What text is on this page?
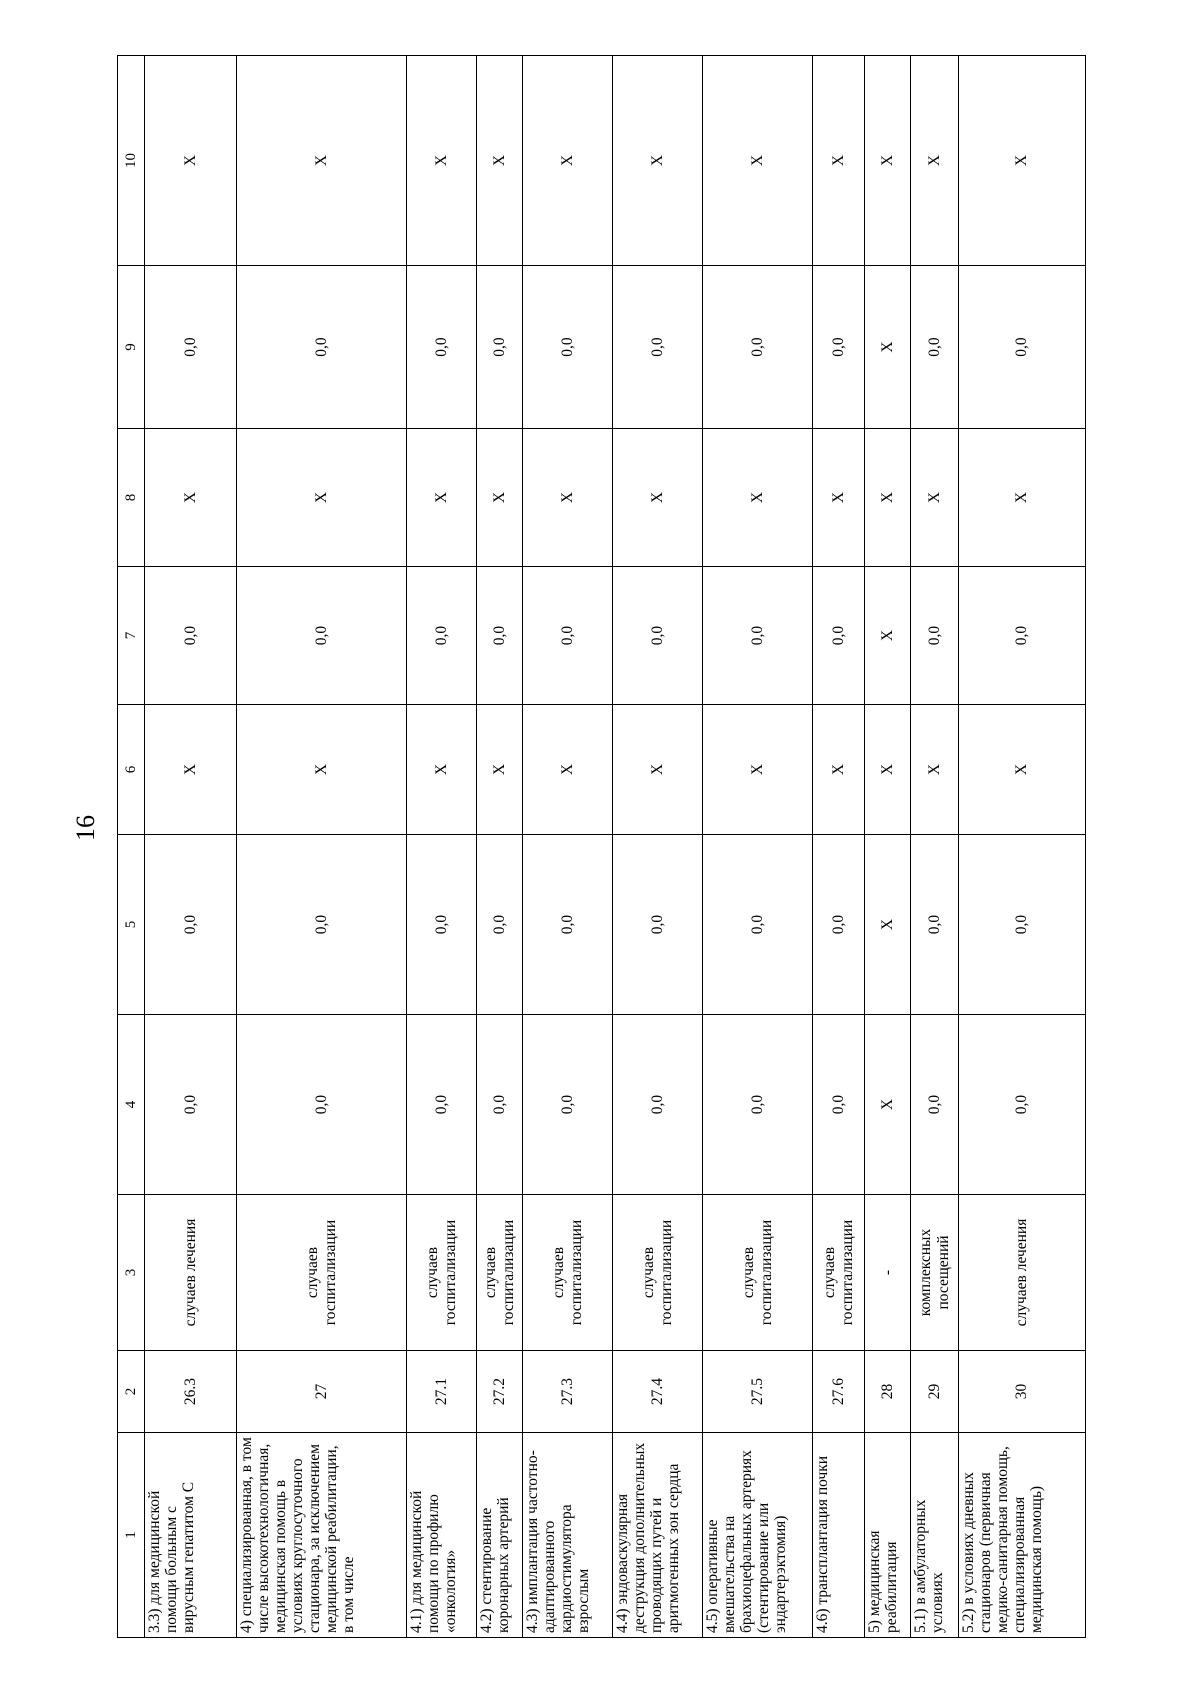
16
1	2	3	4	5	6	7	8	9	10
3.3) для медицинской помощи больным с вирусным гепатитом C	26.3	случаев лечения	0,0	0,0	X	0,0	X	0,0	X
4) специализированная, в том числе высокотехнологичная, медицинская помощь в условиях круглосуточного стационара, за исключением медицинской реабилитации, в том числе	27	случаев госпитализации	0,0	0,0	X	0,0	X	0,0	X
4.1) для медицинской помощи по профилю «онкология»	27.1	случаев госпитализации	0,0	0,0	X	0,0	X	0,0	X
4.2) стентирование коронарных артерий	27.2	случаев госпитализации	0,0	0,0	X	0,0	X	0,0	X
4.3) имплантация частотно-адаптированного кардиостимулятора взрослым	27.3	случаев госпитализации	0,0	0,0	X	0,0	X	0,0	X
4.4) эндоваскулярная деструкция дополнительных проводящих путей и аритмогенных зон сердца	27.4	случаев госпитализации	0,0	0,0	X	0,0	X	0,0	X
4.5) оперативные вмешательства на брахиоцефальных артериях (стентирование или эндартерэктомия)	27.5	случаев госпитализации	0,0	0,0	X	0,0	X	0,0	X
4.6) трансплантация почки	27.6	случаев госпитализации	0,0	0,0	X	0,0	X	0,0	X
5) медицинская реабилитация	28	-	X	X	X	X	X	X	X
5.1) в амбулаторных условиях	29	комплексных посещений	0,0	0,0	X	0,0	X	0,0	X
5.2) в условиях дневных стационаров (первичная медико-санитарная помощь, специализированная медицинская помощь)	30	случаев лечения	0,0	0,0	X	0,0	X	0,0	X
